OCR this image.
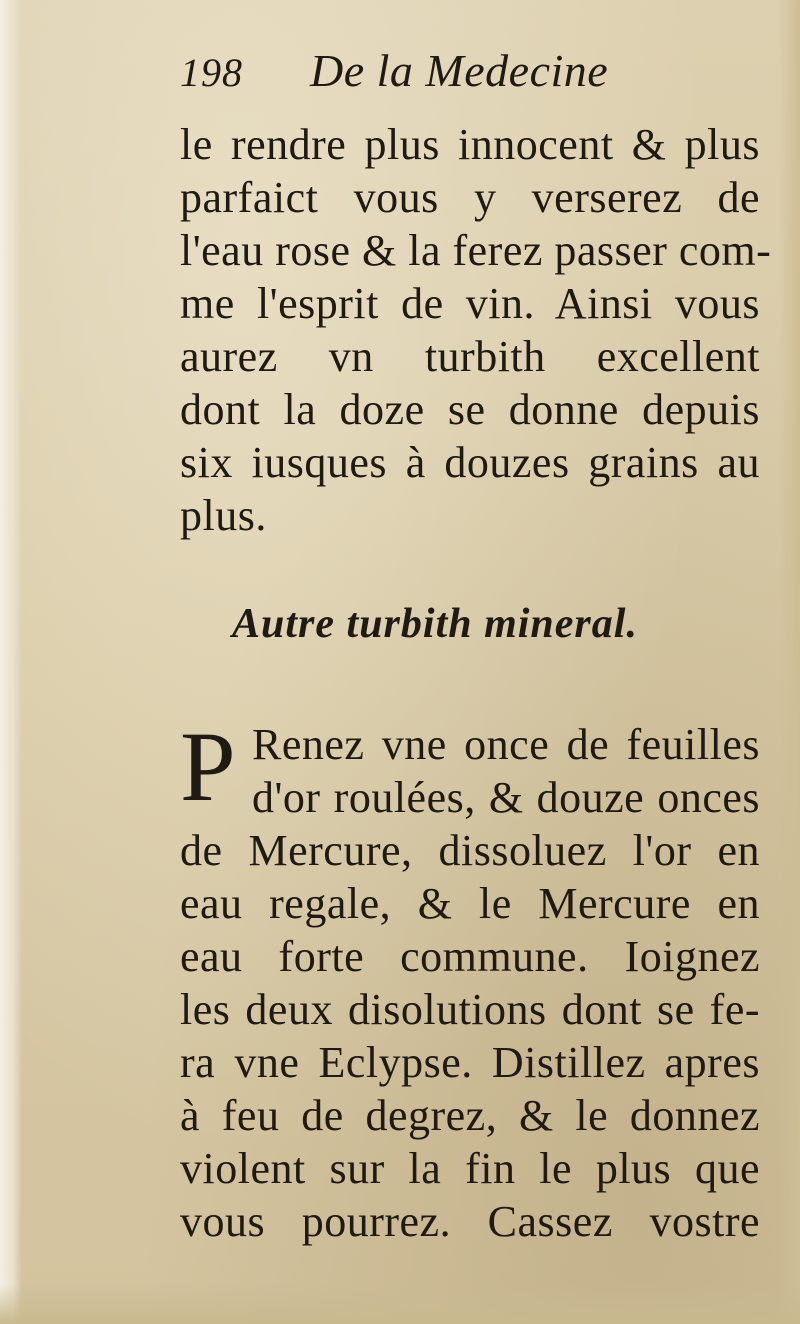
198	De la Medecine
le rendre plus innocent & plus
parfaict vous y verserez de
l'eau rose & la ferez passer com-
me l'esprit de vin. Ainsi vous
aurez vn turbith excellent
dont la doze se donne depuis
six iusques à douzes grains au
plus.
Autre turbith mineral.
P Renez vne once de feuilles
d'or roulées, & douze onces
de Mercure, dissoluez l'or en
eau regale, & le Mercure en
eau forte commune. Ioignez
les deux disolutions dont se fe-
ra vne Eclypse. Distillez apres
à feu de degrez, & le donnez
violent sur la fin le plus que
vous pourrez. Cassez vostre
